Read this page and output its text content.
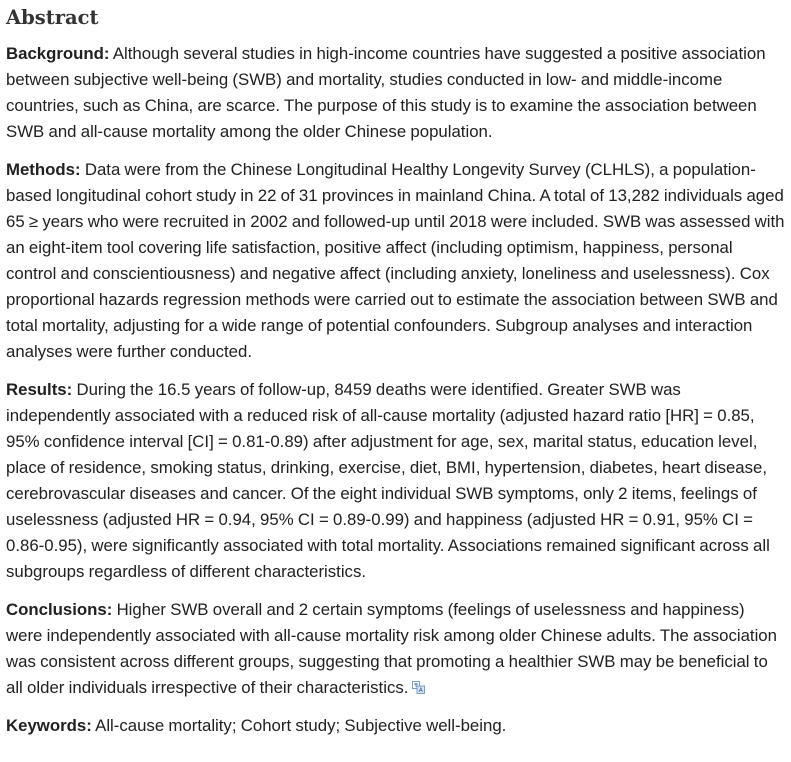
Abstract

Background: Although several studies in high-income countries have suggested a positive association between subjective well-being (SWB) and mortality, studies conducted in low- and middle-income countries, such as China, are scarce. The purpose of this study is to examine the association between SWB and all-cause mortality among the older Chinese population.

Methods: Data were from the Chinese Longitudinal Healthy Longevity Survey (CLHLS), a population-based longitudinal cohort study in 22 of 31 provinces in mainland China. A total of 13,282 individuals aged 65 ≥ years who were recruited in 2002 and followed-up until 2018 were included. SWB was assessed with an eight-item tool covering life satisfaction, positive affect (including optimism, happiness, personal control and conscientiousness) and negative affect (including anxiety, loneliness and uselessness). Cox proportional hazards regression methods were carried out to estimate the association between SWB and total mortality, adjusting for a wide range of potential confounders. Subgroup analyses and interaction analyses were further conducted.

Results: During the 16.5 years of follow-up, 8459 deaths were identified. Greater SWB was independently associated with a reduced risk of all-cause mortality (adjusted hazard ratio [HR] = 0.85, 95% confidence interval [CI] = 0.81-0.89) after adjustment for age, sex, marital status, education level, place of residence, smoking status, drinking, exercise, diet, BMI, hypertension, diabetes, heart disease, cerebrovascular diseases and cancer. Of the eight individual SWB symptoms, only 2 items, feelings of uselessness (adjusted HR = 0.94, 95% CI = 0.89-0.99) and happiness (adjusted HR = 0.91, 95% CI = 0.86-0.95), were significantly associated with total mortality. Associations remained significant across all subgroups regardless of different characteristics.

Conclusions: Higher SWB overall and 2 certain symptoms (feelings of uselessness and happiness) were independently associated with all-cause mortality risk among older Chinese adults. The association was consistent across different groups, suggesting that promoting a healthier SWB may be beneficial to all older individuals irrespective of their characteristics.

Keywords: All-cause mortality; Cohort study; Subjective well-being.
